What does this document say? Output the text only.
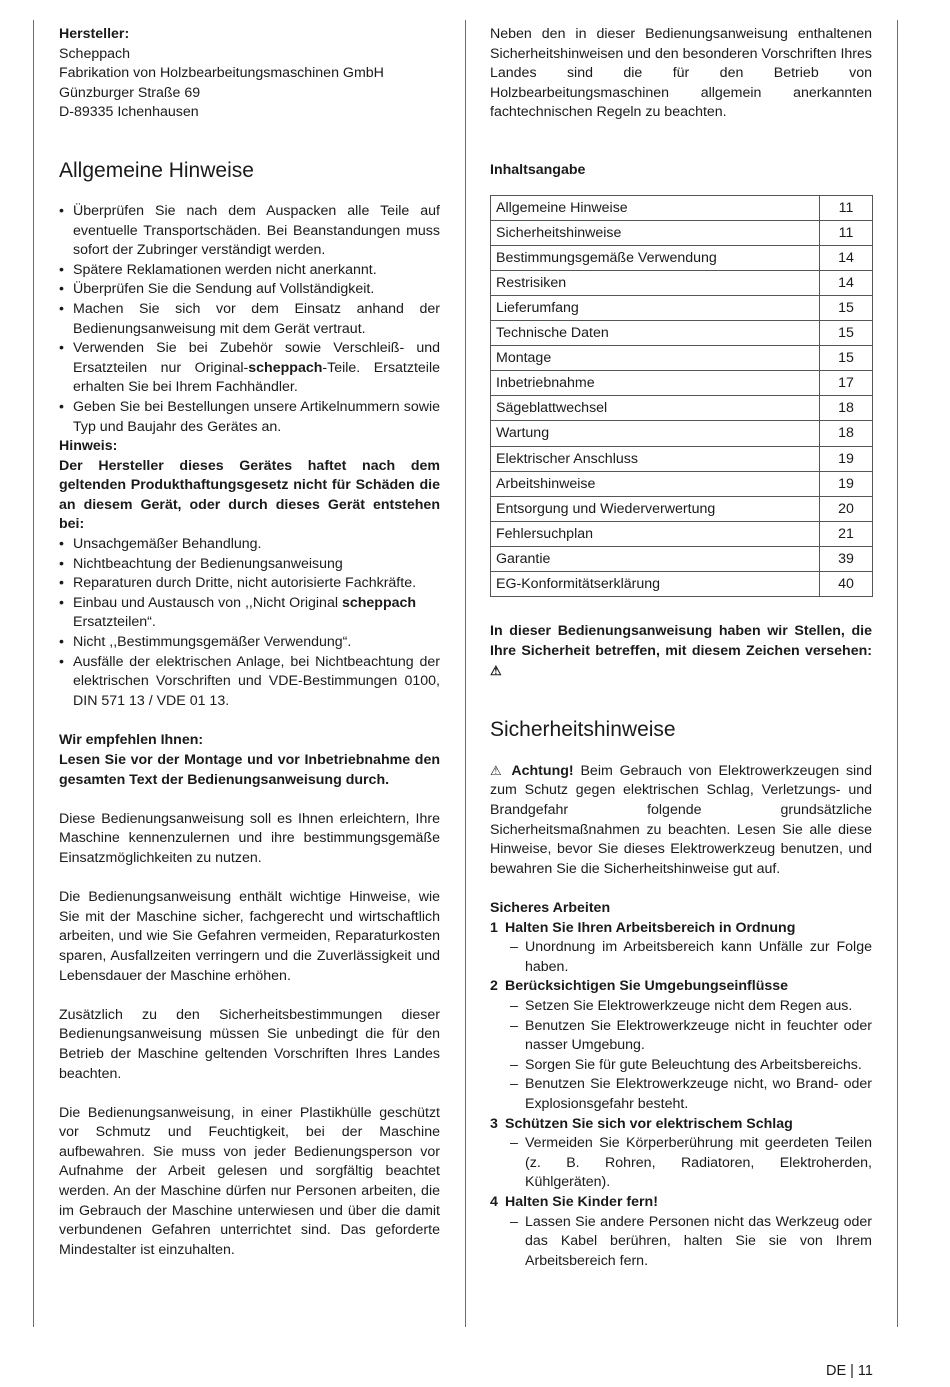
Hersteller:

Scheppach

Fabrikation von Holzbearbeitungsmaschinen GmbH

Günzburger Straße 69

D-89335 Ichenhausen

Allgemeine Hinweise
• Überprüfen Sie nach dem Auspacken alle Teile auf eventuelle Transportschäden. Bei Beanstandungen muss sofort der Zubringer verständigt werden.
• Spätere Reklamationen werden nicht anerkannt.
• Überprüfen Sie die Sendung auf Vollständigkeit.
• Machen Sie sich vor dem Einsatz anhand der Bedienungsanweisung mit dem Gerät vertraut.
• Verwenden Sie bei Zubehör sowie Verschleiß- und Ersatzteilen nur Original-scheppach-Teile. Ersatzteile erhalten Sie bei Ihrem Fachhändler.
• Geben Sie bei Bestellungen unsere Artikelnummern sowie Typ und Baujahr des Gerätes an.

Hinweis:

Der Hersteller dieses Gerätes haftet nach dem geltenden Produkthaftungsgesetz nicht für Schäden die an diesem Gerät, oder durch dieses Gerät entstehen bei:

• Unsachgemäßer Behandlung.
• Nichtbeachtung der Bedienungsanweisung
• Reparaturen durch Dritte, nicht autorisierte Fachkräfte.
• Einbau und Austausch von ,,Nicht Original scheppach Ersatzteilen“.
• Nicht ,,Bestimmungsgemäßer Verwendung“.
• Ausfälle der elektrischen Anlage, bei Nichtbeachtung der elektrischen Vorschriften und VDE-Bestimmungen 0100, DIN 571 13 / VDE 01 13.

Wir empfehlen Ihnen:

Lesen Sie vor der Montage und vor Inbetriebnahme den gesamten Text der Bedienungsanweisung durch.

Diese Bedienungsanweisung soll es Ihnen erleichtern, Ihre Maschine kennenzulernen und ihre bestimmungsgemäße Einsatzmöglichkeiten zu nutzen.

Die Bedienungsanweisung enthält wichtige Hinweise, wie Sie mit der Maschine sicher, fachgerecht und wirtschaftlich arbeiten, und wie Sie Gefahren vermeiden, Reparaturkosten sparen, Ausfallzeiten verringern und die Zuverlässigkeit und Lebensdauer der Maschine erhöhen.

Zusätzlich zu den Sicherheitsbestimmungen dieser Bedienungsanweisung müssen Sie unbedingt die für den Betrieb der Maschine geltenden Vorschriften Ihres Landes beachten.

Die Bedienungsanweisung, in einer Plastikhülle geschützt vor Schmutz und Feuchtigkeit, bei der Maschine aufbewahren. Sie muss von jeder Bedienungsperson vor Aufnahme der Arbeit gelesen und sorgfältig beachtet werden. An der Maschine dürfen nur Personen arbeiten, die im Gebrauch der Maschine unterwiesen und über die damit verbundenen Gefahren unterrichtet sind. Das geforderte Mindestalter ist einzuhalten.

Neben den in dieser Bedienungsanweisung enthaltenen Sicherheitshinweisen und den besonderen Vorschriften Ihres Landes sind die für den Betrieb von Holzbearbeitungsmaschinen allgemein anerkannten fachtechnischen Regeln zu beachten.

Inhaltsangabe

Allgemeine Hinweise	11
Sicherheitshinweise	11
Bestimmungsgemäße Verwendung	14
Restrisiken	14
Lieferumfang	15
Technische Daten	15
Montage	15
Inbetriebnahme	17
Sägeblattwechsel	18
Wartung	18
Elektrischer Anschluss	19
Arbeitshinweise	19
Entsorgung und Wiederverwertung	20
Fehlersuchplan	21
Garantie	39
EG-Konformitätserklärung	40

In dieser Bedienungsanweisung haben wir Stellen, die Ihre Sicherheit betreffen, mit diesem Zeichen versehen: ⚠

Sicherheitshinweise

⚠ Achtung! Beim Gebrauch von Elektrowerkzeugen sind zum Schutz gegen elektrischen Schlag, Verletzungs- und Brandgefahr folgende grundsätzliche Sicherheitsmaßnahmen zu beachten. Lesen Sie alle diese Hinweise, bevor Sie dieses Elektrowerkzeug benutzen, und bewahren Sie die Sicherheitshinweise gut auf.

Sicheres Arbeiten

1 Halten Sie Ihren Arbeitsbereich in Ordnung

– Unordnung im Arbeitsbereich kann Unfälle zur Folge haben.

2 Berücksichtigen Sie Umgebungseinflüsse

– Setzen Sie Elektrowerkzeuge nicht dem Regen aus.

– Benutzen Sie Elektrowerkzeuge nicht in feuchter oder nasser Umgebung.

– Sorgen Sie für gute Beleuchtung des Arbeitsbereichs.

– Benutzen Sie Elektrowerkzeuge nicht, wo Brand- oder Explosionsgefahr besteht.

3 Schützen Sie sich vor elektrischem Schlag

– Vermeiden Sie Körperberührung mit geerdeten Teilen (z. B. Rohren, Radiatoren, Elektroherden, Kühlgeräten).

4 Halten Sie Kinder fern!

– Lassen Sie andere Personen nicht das Werkzeug oder das Kabel berühren, halten Sie sie von Ihrem Arbeitsbereich fern.

DE | 11
